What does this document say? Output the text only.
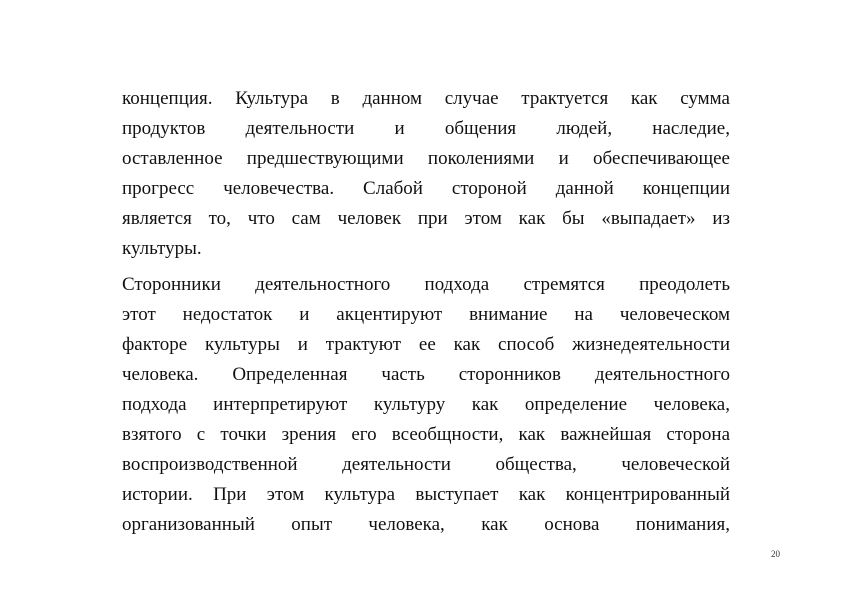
концепция. Культура в данном случае трактуется как сумма
продуктов деятельности и общения людей, наследие,
оставленное предшествующими поколениями и обеспечивающее
прогресс человечества. Слабой стороной данной концепции
является то, что сам человек при этом как бы «выпадает» из
культуры.
Сторонники деятельностного подхода стремятся преодолеть
этот недостаток и акцентируют внимание на человеческом
факторе культуры и трактуют ее как способ жизнедеятельности
человека. Определенная часть сторонников деятельностного
подхода интерпретируют культуру как определение человека,
взятого с точки зрения его всеобщности, как важнейшая сторона
воспроизводственной деятельности общества, человеческой
истории. При этом культура выступает как концентрированный
организованный опыт человека, как основа понимания,
20
